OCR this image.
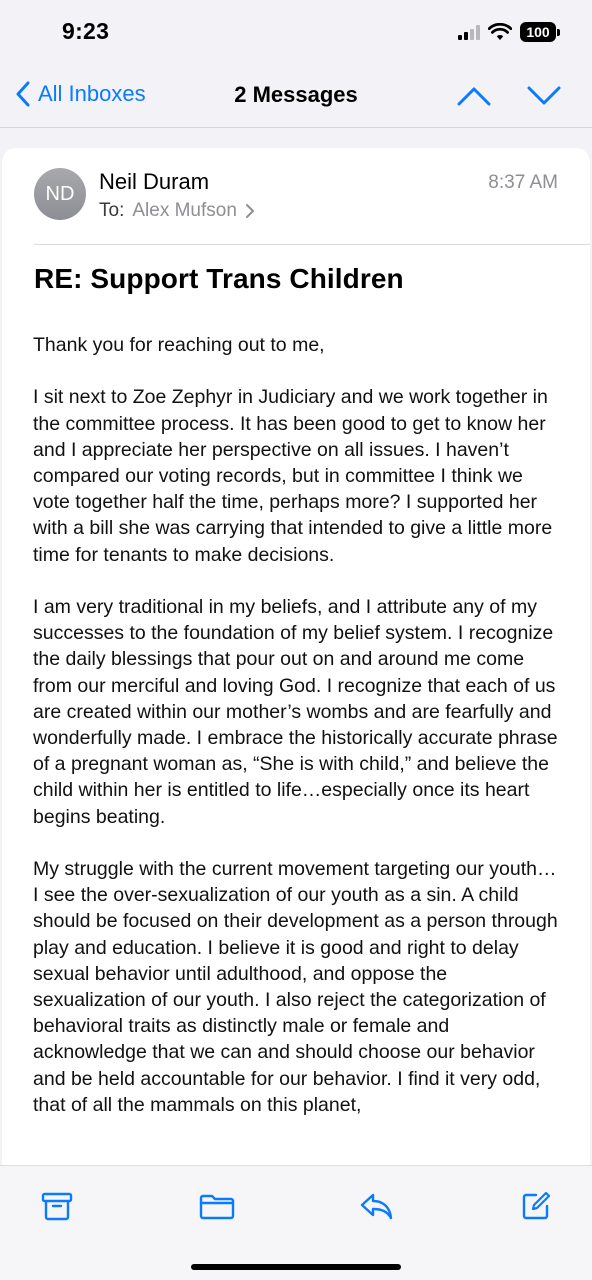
9:23	100
All Inboxes	2 Messages
ND	Neil Duram
To: Alex Mufson
8:37 AM
RE: Support Trans Children

Thank you for reaching out to me,

I sit next to Zoe Zephyr in Judiciary and we work together in the committee process. It has been good to get to know her and I appreciate her perspective on all issues. I haven’t compared our voting records, but in committee I think we vote together half the time, perhaps more? I supported her with a bill she was carrying that intended to give a little more time for tenants to make decisions.

I am very traditional in my beliefs, and I attribute any of my successes to the foundation of my belief system. I recognize the daily blessings that pour out on and around me come from our merciful and loving God. I recognize that each of us are created within our mother’s wombs and are fearfully and wonderfully made. I embrace the historically accurate phrase of a pregnant woman as, “She is with child,” and believe the child within her is entitled to life…especially once its heart begins beating.

My struggle with the current movement targeting our youth… I see the over-sexualization of our youth as a sin. A child should be focused on their development as a person through play and education. I believe it is good and right to delay sexual behavior until adulthood, and oppose the sexualization of our youth. I also reject the categorization of behavioral traits as distinctly male or female and acknowledge that we can and should choose our behavior and be held accountable for our behavior. I find it very odd, that of all the mammals on this planet,
